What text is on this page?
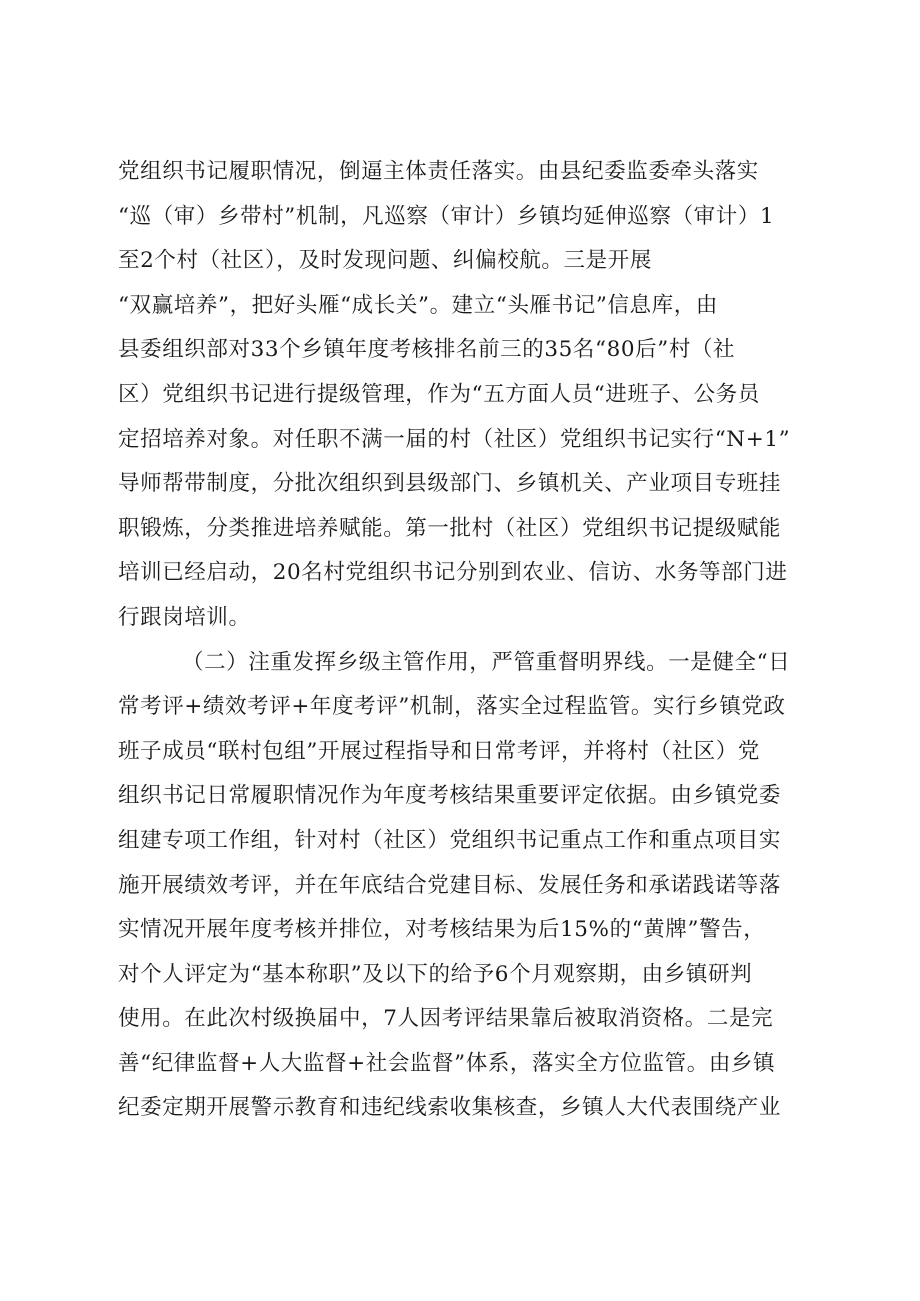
党组织书记履职情况，倒逼主体责任落实。由县纪委监委牵头落实
“巡（审）乡带村”机制，凡巡察（审计）乡镇均延伸巡察（审计）1
至2个村（社区），及时发现问题、纠偏校航。三是开展
“双赢培养”，把好头雁“成长关”。建立“头雁书记”信息库，由
县委组织部对33个乡镇年度考核排名前三的35名“80后”村（社
区）党组织书记进行提级管理，作为“五方面人员“进班子、公务员
定招培养对象。对任职不满一届的村（社区）党组织书记实行“N+1”
导师帮带制度，分批次组织到县级部门、乡镇机关、产业项目专班挂
职锻炼，分类推进培养赋能。第一批村（社区）党组织书记提级赋能
培训已经启动，20名村党组织书记分别到农业、信访、水务等部门进
行跟岗培训。
（二）注重发挥乡级主管作用，严管重督明界线。一是健全“日
常考评+绩效考评+年度考评”机制，落实全过程监管。实行乡镇党政
班子成员“联村包组”开展过程指导和日常考评，并将村（社区）党
组织书记日常履职情况作为年度考核结果重要评定依据。由乡镇党委
组建专项工作组，针对村（社区）党组织书记重点工作和重点项目实
施开展绩效考评，并在年底结合党建目标、发展任务和承诺践诺等落
实情况开展年度考核并排位，对考核结果为后15%的“黄牌”警告，
对个人评定为“基本称职”及以下的给予6个月观察期，由乡镇研判
使用。在此次村级换届中，7人因考评结果靠后被取消资格。二是完
善“纪律监督+人大监督+社会监督”体系，落实全方位监管。由乡镇
纪委定期开展警示教育和违纪线索收集核查，乡镇人大代表围绕产业
